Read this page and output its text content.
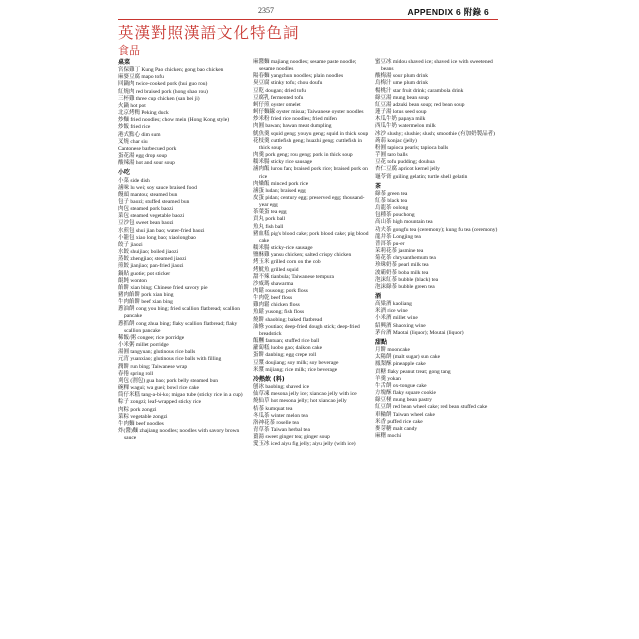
2357	APPENDIX 6 附錄 6
英漢對照漢語文化特色詞
食品
桌菜
宮保雞丁 Kung Pao chicken; gong bao chicken
麻婆豆腐 mapo tofu
回鍋肉 twice-cooked pork (hui guo rou)
紅燒肉 red braised pork (hong shao rou)
三杯雞 three cup chicken (san bei ji)
火鍋 hot pot
北京烤鴨 Peking duck
炒麵 fried noodles; chow mein (Hong Kong style)
炒飯 fried rice
港式點心 dim sum
叉燒 char siu
Cantonese barbecued pork
蛋花湯 egg drop soup
酸辣湯 hot and sour soup
小吃
小菜 side dish
滷味 lu wei; soy sauce braised food
饅頭 mantou; steamed bun
包子 baozi; stuffed steamed bun
肉包 steamed pork baozi
菜包 steamed vegetable baozi
豆沙包 sweet bean baozi
水煎包 shui jian bao; water-fried baozi
小籠包 xiao long bao; xiaolongbao
餃子 jiaozi
水餃 shuijiao; boiled jiaozi
蒸餃 zhengjiao; steamed jiaozi
煎餃 jianjiao; pan-fried jiaozi
鍋貼 guotie; pot sticker
餛飩 wonton
餡餅 xian bing; Chinese fried savory pie
豬肉餡餅 pork xian bing
牛肉餡餅 beef xian bing
蔥油餅 cong you bing; fried scallion flatbread; scallion pancake
蔥抓餅 cong zhua bing; flaky scallion flatbread; flaky scallion pancake
稀飯/粥 congee; rice porridge
小米粥 millet porridge
湯圓 tangyuan; glutinous rice balls
元宵 yuanxiao; glutinous rice balls with filling
潤餅 run bing; Taiwanese wrap
春捲 spring roll
刈包 (割包) gua bao; pork belly steamed bun
碗粿 wagui; wa guei; bowl rice cake
筒仔米糕 tang-a-bi-ko; migao tube (sticky rice in a cup)
粽子 zongzi; leaf-wrapped sticky rice
肉粽 pork zongzi
菜粽 vegetable zongzi
牛肉麵 beef noodles
炸(醬)麵 zhajiang noodles; noodles with savory brown sauce
麻醬麵 majiang noodles; sesame paste noodle; sesame noodles
陽春麵 yangchun noodles; plain noodles
臭豆腐 stinky tofu; chou doufu
豆乾 dougan; dried tofu
豆腐乳 fermented tofu
蚵仔煎 oyster omelet
蚵仔麵線 oyster misua; Taiwanese oyster noodles
炒米粉 fried rice noodles; fried mifen
肉圓 bawan; bawan meat dumpling
魷魚羹 squid geng; youyu geng; squid in thick soup
花枝羹 cuttlefish geng; huazhi geng; cuttlefish in thick soup
肉羹 pork geng; rou geng; pork in thick soup
糯米腸 sticky rice sausage
滷肉飯 lurou fan; braised pork rice; braised pork on rice
肉燥飯 minced pork rice
滷蛋 ludan; braised egg
皮蛋 pidan; century egg; preserved egg; thousand-year egg
茶葉蛋 tea egg
貢丸 pork ball
魚丸 fish ball
豬血糕 pig's blood cake; pork blood cake; pig blood cake
糯米腸 sticky-rice sausage
鹽酥雞 yansu chicken; salted crispy chicken
烤玉米 grilled corn on the cob
烤魷魚 grilled squid
甜不辣 tianbula; Taiwanese tempura
沙威瑪 shawarma
肉鬆 rousong; pork floss
牛肉乾 beef floss
雞肉鬆 chicken floss
魚鬆 yusong; fish floss
燒餅 shaobing; baked flatbread
油條 youtiao; deep-fried dough stick; deep-fried breadstick
飯糰 fantuan; stuffed rice ball
蘿蔔糕 luobo gao; daikon cake
蛋餅 danbing; egg crepe roll
豆漿 doujiang; soy milk; soy beverage
米漿 mijiang; rice milk; rice beverage
冷熱飲 (料)
刨冰 baobing; shaved ice
仙草凍 mesona jelly ice; xiancao jelly with ice
燒仙草 hot mesona jelly; hot xiancao jelly
桔茶 kumquat tea
冬瓜茶 winter melon tea
洛神花茶 roselle tea
青草茶 Taiwan herbal tea
薑湯 sweet ginger tea; ginger soup
愛玉冰 iced aiyu fig jelly; aiyu jelly (with ice)
蜜豆冰 midou shaved ice; shaved ice with sweetened beans
酸梅湯 sour plum drink
烏梅汁 ume plum drink
楊桃汁 star fruit drink; carambola drink
綠豆湯 mung bean soup
紅豆湯 adzuki bean soup; red bean soup
蓮子湯 lotus seed soup
木瓜牛奶 papaya milk
西瓜牛奶 watermelon milk
冰沙 slushy; slushie; slush; smoothie (有加奶製品者)
蒟蒻 konjac (jelly)
粉圓 tapioca pearls; tapioca balls
芋圓 taro balls
豆花 tofu pudding; douhua
杏仁豆腐 apricot kernel jelly
龜苓膏 guiling gelatin; turtle shell gelatin
茶
綠茶 green tea
紅茶 black tea
烏龍茶 oolong
包種茶 pouchong
高山茶 high mountain tea
功夫茶 gongfu tea (ceremony); kung fu tea (ceremony)
龍井茶 Longjing tea
普洱茶 pu-er
茉莉花茶 jasmine tea
菊花茶 chrysanthemum tea
珍珠奶茶 pearl milk tea
波霸奶茶 boba milk tea
泡沫紅茶 bubble (black) tea
泡沫綠茶 bubble green tea
酒
高粱酒 kaoliang
米酒 rice wine
小米酒 millet wine
紹興酒 Shaoxing wine
茅台酒 Maotai (liquor); Moutai (liquor)
甜點
月餅 mooncake
太陽餅 (malt sugar) sun cake
鳳梨酥 pineapple cake
貢糖 flaky peanut treat; gong tang
羊羹 yokan
牛舌餅 ox-tongue cake
方塊酥 flaky square cookie
綠豆椪 mung bean pastry
紅豆餅 red bean wheel cake; red bean stuffed cake
車輪餅 Taiwan wheel cake
米香 puffed rice cake
麥芽糖 malt candy
麻糬 mochi
